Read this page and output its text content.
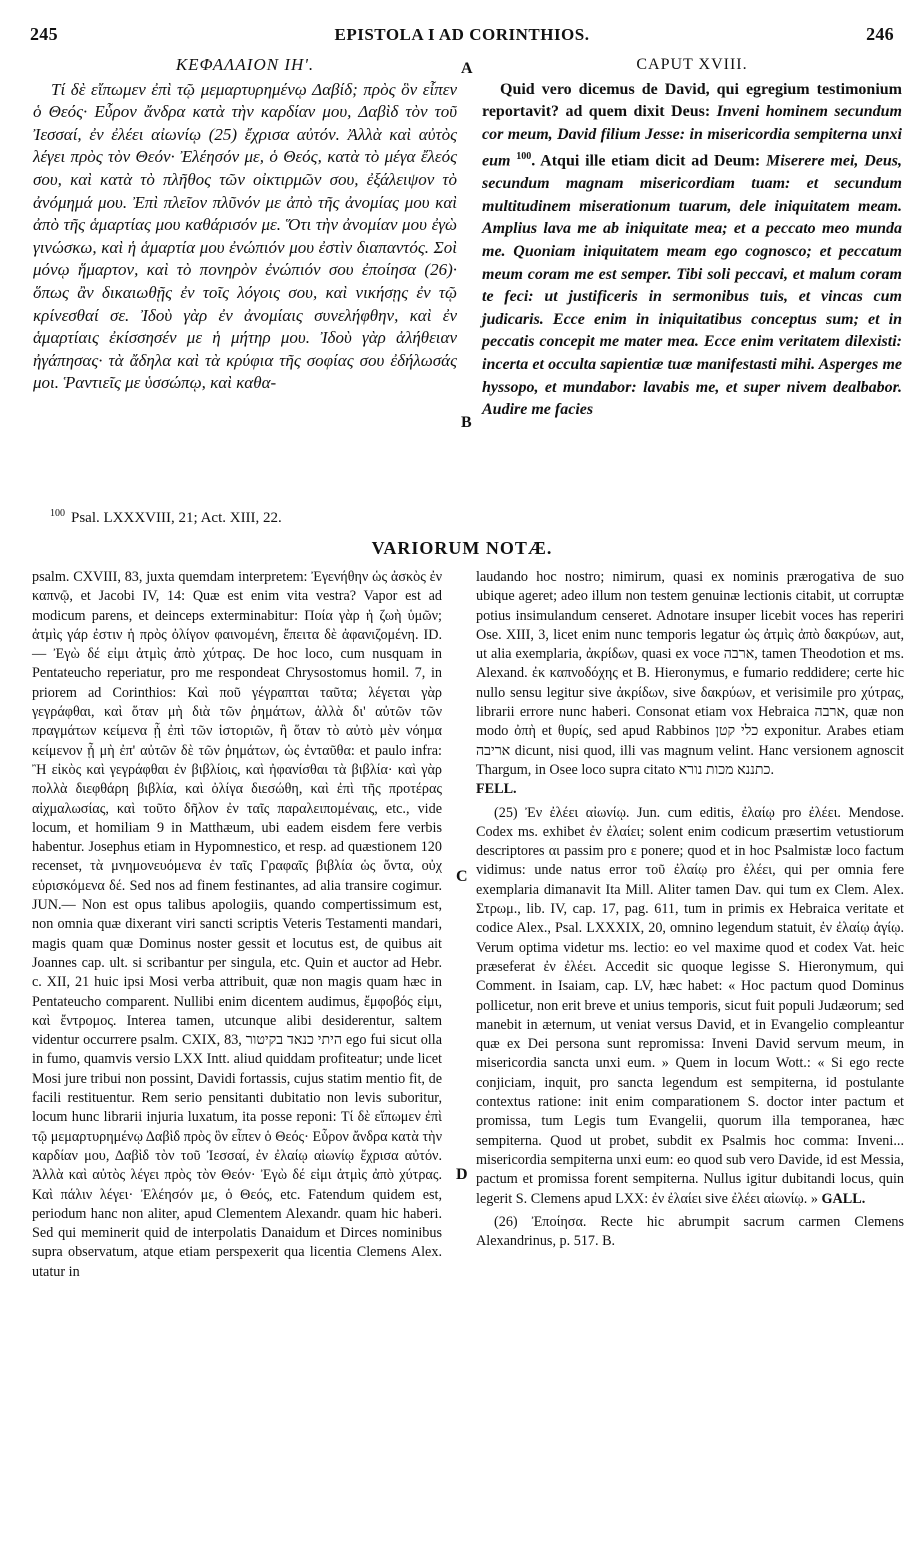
245	EPISTOLA I AD CORINTHIOS.	246
ΚΕΦΑΛΑΙΟΝ ΙΗ'.

Τί δὲ εἴπωμεν ἐπὶ τῷ μεμαρτυρημένῳ Δαβίδ; πρὸς ὃν εἶπεν ὁ Θεός· Εὗρον ἄνδρα κατὰ τὴν καρδίαν μου, Δαβὶδ τὸν τοῦ Ἰεσσαί, ἐν ἐλέει αἰωνίῳ (25) ἔχρισα αὐτόν. Ἀλλὰ καὶ αὐτὸς λέγει πρὸς τὸν Θεόν· Ἐλέησόν με, ὁ Θεός, κατὰ τὸ μέγα ἔλεός σου, καὶ κατὰ τὸ πλῆθος τῶν οἰκτιρμῶν σου, ἐξάλειψον τὸ ἀνόμημά μου. Ἐπὶ πλεῖον πλῦνόν με ἀπὸ τῆς ἀνομίας μου καὶ ἀπὸ τῆς ἁμαρτίας μου καθάρισόν με. Ὅτι τὴν ἀνομίαν μου ἐγὼ γινώσκω, καὶ ἡ ἁμαρτία μου ἐνώπιόν μου ἐστὶν διαπαντός. Σοὶ μόνῳ ἥμαρτον, καὶ τὸ πονηρὸν ἐνώπιόν σου ἐποίησα (26)· ὅπως ἂν δικαιωθῇς ἐν τοῖς λόγοις σου, καὶ νικήσῃς ἐν τῷ κρίνεσθαί σε. Ἰδοὺ γὰρ ἐν ἀνομίαις συνελήφθην, καὶ ἐν ἁμαρτίαις ἐκίσσησέν με ἡ μήτηρ μου. Ἰδοὺ γὰρ ἀλήθειαν ἠγάπησας· τὰ ἄδηλα καὶ τὰ κρύφια τῆς σοφίας σου ἐδήλωσάς μοι. Ῥαντιεῖς με ὑσσώπῳ, καὶ καθα-

A
B
CAPUT XVIII.

Quid vero dicemus de David, qui egregium testimonium reportavit? ad quem dixit Deus: Inveni hominem secundum cor meum, David filium Jesse: in misericordia sempiterna unxi eum $^{100}$. Atqui ille etiam dicit ad Deum: Miserere mei, Deus, secundum magnam misericordiam tuam: et secundum multitudinem miserationum tuarum, dele iniquitatem meam. Amplius lava me ab iniquitate mea; et a peccato meo munda me. Quoniam iniquitatem meam ego cognosco; et peccatum meum coram me est semper. Tibi soli peccavi, et malum coram te feci: ut justificeris in sermonibus tuis, et vincas cum judicaris. Ecce enim in iniquitatibus conceptus sum; et in peccatis concepit me mater mea. Ecce enim veritatem dilexisti: incerta et occulta sapientiæ tuæ manifestasti mihi. Asperges me hyssopo, et mundabor: lavabis me, et super nivem dealbabor. Audire me facies

$^{100}$ Psal. LXXXVIII, 21; Act. XIII, 22.
VARIORUM NOTÆ.

psalm. CXVIII, 83, juxta quemdam interpretem: Ἐγενήθην ὡς ἀσκὸς ἐν καπνῷ, et Jacobi IV, 14: Quæ est enim vita vestra? Vapor est ad modicum parens, et deinceps exterminabitur: Ποία γὰρ ἡ ζωὴ ὑμῶν; ἀτμὶς γάρ ἐστιν ἡ πρὸς ὀλίγον φαινομένη, ἔπειτα δὲ ἀφανιζομένη. ID. — Ἐγὼ δέ εἰμι ἀτμὶς ἀπὸ χύτρας. De hoc loco, cum nusquam in Pentateucho reperiatur, pro me respondeat Chrysostomus homil. 7, in priorem ad Corinthios: Καὶ ποῦ γέγραπται ταῦτα; λέγεται γὰρ γεγράφθαι, καὶ ὅταν μὴ διὰ τῶν ῥημάτων, ἀλλὰ δι' αὐτῶν τῶν πραγμάτων κείμενα ᾖ ἐπὶ τῶν ἱστοριῶν, ἢ ὅταν τὸ αὐτὸ μὲν νόημα κείμενον ᾖ μὴ ἐπ' αὐτῶν δὲ τῶν ῥημάτων, ὡς ἐνταῦθα: et paulo infra: Ἢ εἰκὸς καὶ γεγράφθαι ἐν βιβλίοις, καὶ ἠφανίσθαι τὰ βιβλία· καὶ γὰρ πολλὰ διεφθάρη βιβλία, καὶ ὀλίγα διεσώθη, καὶ ἐπὶ τῆς προτέρας αἰχμαλωσίας, καὶ τοῦτο δῆλον ἐν ταῖς παραλειπομέναις, etc., vide locum, et homiliam 9 in Matthæum, ubi eadem eisdem fere verbis habentur. Josephus etiam in Hypomnestico, et resp. ad quæstionem 120 recenset, τὰ μνημονευόμενα ἐν ταῖς Γραφαῖς βιβλία ὡς ὄντα, οὐχ εὑρισκόμενα δέ. Sed nos ad finem festinantes, ad alia transire cogimur. JUN.— Non est opus talibus apologiis, quando compertissimum est, non omnia quæ dixerant viri sancti scriptis Veteris Testamenti mandari, magis quam quæ Dominus noster gessit et locutus est, de quibus ait Joannes cap. ult. si scribantur per singula, etc. Quin et auctor ad Hebr. c. XII, 21 huic ipsi Mosi verba attribuit, quæ non magis quam hæc in Pentateucho comparent. Nullibi enim dicentem audimus, ἔμφοβός εἰμι, καὶ ἔντρομος. Interea tamen, utcunque alibi desiderentur, saltem videntur occurrere psalm. CXIX, 83, היתי כנאד בקיטור ego fui sicut olla in fumo, quamvis versio LXX Intt. aliud quiddam profiteatur; unde licet Mosi jure tribui non possint, Davidi fortassis, cujus statim mentio fit, de facili restituentur. Rem serio pensitanti dubitatio non levis suboritur, locum hunc librarii injuria luxatum, ita posse reponi: Τί δὲ εἴπωμεν ἐπὶ τῷ μεμαρτυρημένῳ Δαβὶδ πρὸς ὃν εἶπεν ὁ Θεός· Εὗρον ἄνδρα κατὰ τὴν καρδίαν μου, Δαβὶδ τὸν τοῦ Ἰεσσαί, ἐν ἐλαίῳ αἰωνίῳ ἔχρισα αὐτόν. Ἀλλὰ καὶ αὐτὸς λέγει πρὸς τὸν Θεόν· Ἐγὼ δέ εἰμι ἀτμὶς ἀπὸ χύτρας. Καὶ πάλιν λέγει· Ἐλέησόν με, ὁ Θεός, etc. Fatendum quidem est, periodum hanc non aliter, apud Clementem Alexandr. quam hic haberi. Sed qui meminerit quid de interpolatis Danaidum et Dirces nominibus supra observatum, atque etiam perspexerit qua licentia Clemens Alex. utatur in

C
D

laudando hoc nostro; nimirum, quasi ex nominis prærogativa de suo ubique ageret; adeo illum non testem genuinæ lectionis citabit, ut corruptæ potius insimulandum censeret. Adnotare insuper licebit voces has reperiri Ose. XIII, 3, licet enim nunc temporis legatur ὡς ἀτμὶς ἀπὸ δακρύων, aut, ut alia exemplaria, ἀκρίδων, quasi ex voce ארבה, tamen Theodotion et ms. Alexand. ἐκ καπνοδόχης et B. Hieronymus, e fumario reddidere; certe hic nullo sensu legitur sive ἀκρίδων, sive δακρύων, et verisimile pro χύτρας, librarii errore nunc haberi. Consonat etiam vox Hebraica ארבה, quæ non modo ὀπὴ et θυρίς, sed apud Rabbinos כלי קטן exponitur. Arabes etiam אריבה dicunt, nisi quod, illi vas magnum velint. Hanc versionem agnoscit Thargum, in Osee loco supra citato כתננא מכות נורא.

FELL.

(25) Ἐν ἐλέει αἰωνίῳ. Jun. cum editis, ἐλαίῳ pro ἐλέει. Mendose. Codex ms. exhibet ἐν ἐλαίει; solent enim codicum præsertim vetustiorum descriptores αι passim pro ε ponere; quod et in hoc Psalmistæ loco factum vidimus: unde natus error τοῦ ἐλαίῳ pro ἐλέει, qui per omnia fere exemplaria dimanavit Ita Mill. Aliter tamen Dav. qui tum ex Clem. Alex. Στρωμ., lib. IV, cap. 17, pag. 611, tum in primis ex Hebraica veritate et codice Alex., Psal. LXXXIX, 20, omnino legendum statuit, ἐν ἐλαίῳ ἁγίῳ. Verum optima videtur ms. lectio: eo vel maxime quod et codex Vat. heic præseferat ἐν ἐλέει. Accedit sic quoque legisse S. Hieronymum, qui Comment. in Isaiam, cap. LV, hæc habet: « Hoc pactum quod Dominus pollicetur, non erit breve et unius temporis, sicut fuit populi Judæorum; sed manebit in æternum, ut veniat versus David, et in Evangelio compleantur quæ ex Dei persona sunt repromissa: Inveni David servum meum, in misericordia sancta unxi eum. » Quem in locum Wott.: « Si ego recte conjiciam, inquit, pro sancta legendum est sempiterna, id postulante contextus ratione: init enim comparationem S. doctor inter pactum et promissa, tum Legis tum Evangelii, quorum illa temporanea, hæc sempiterna. Quod ut probet, subdit ex Psalmis hoc comma: Inveni... misericordia sempiterna unxi eum: eo quod sub vero Davide, id est Messia, pactum et promissa forent sempiterna. Nullus igitur dubitandi locus, quin legerit S. Clemens apud LXX: ἐν ἐλαίει sive ἐλέει αἰωνίῳ. » GALL.

(26) Ἐποίησα. Recte hic abrumpit sacrum carmen Clemens Alexandrinus, p. 517. B.
